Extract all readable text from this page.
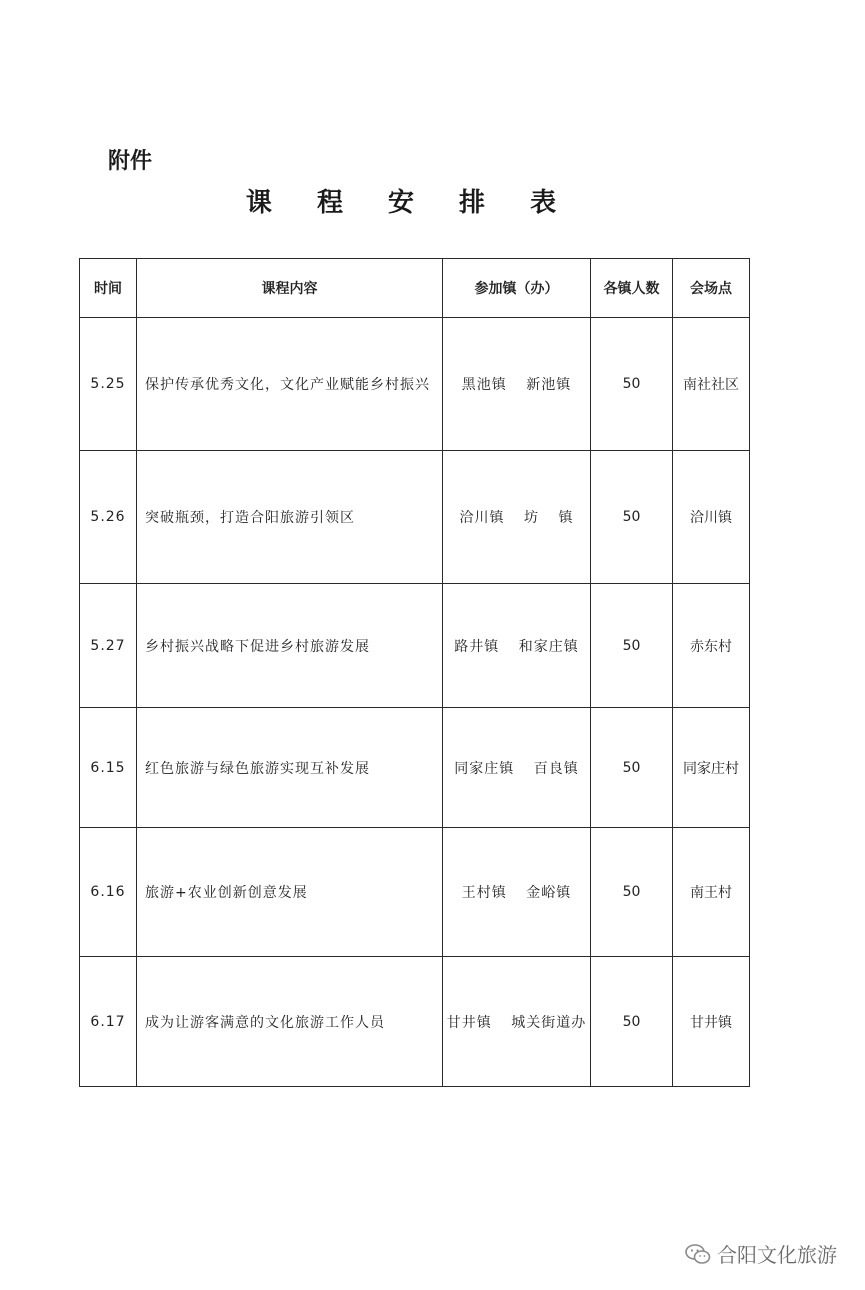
附件
课 程 安 排 表
时间	课程内容	参加镇（办）	各镇人数	会场点
5.25	保护传承优秀文化，文化产业赋能乡村振兴	黑池镇 新池镇	50	南社社区
5.26	突破瓶颈，打造合阳旅游引领区	洽川镇 坊 镇	50	洽川镇
5.27	乡村振兴战略下促进乡村旅游发展	路井镇 和家庄镇	50	赤东村
6.15	红色旅游与绿色旅游实现互补发展	同家庄镇 百良镇	50	同家庄村
6.16	旅游+农业创新创意发展	王村镇 金峪镇	50	南王村
6.17	成为让游客满意的文化旅游工作人员	甘井镇 城关街道办	50	甘井镇
合阳文化旅游
